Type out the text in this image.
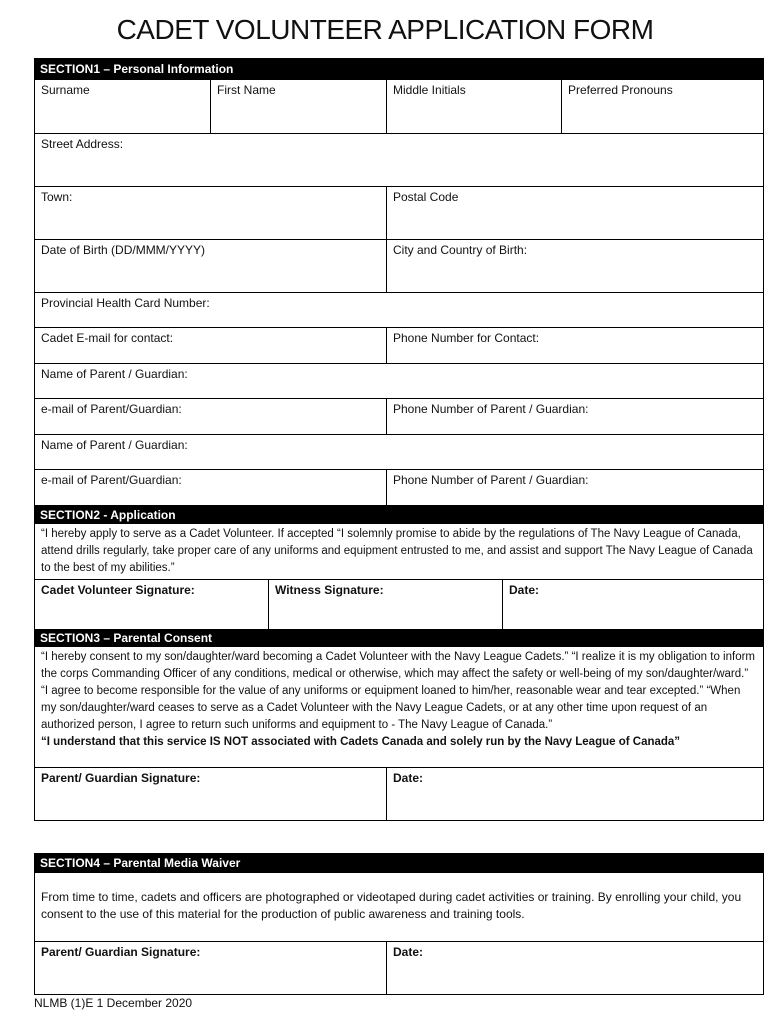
CADET VOLUNTEER APPLICATION FORM
SECTION1 – Personal Information
Surname	First Name	Middle Initials	Preferred Pronouns
Street Address:
Town:	Postal Code
Date of Birth (DD/MMM/YYYY)	City and Country of Birth:
Provincial Health Card Number:
Cadet E-mail for contact:	Phone Number for Contact:
Name of Parent / Guardian:
e-mail of Parent/Guardian:	Phone Number of Parent / Guardian:
Name of Parent / Guardian:
e-mail of Parent/Guardian:	Phone Number of Parent / Guardian:
SECTION2 - Application
“I hereby apply to serve as a Cadet Volunteer. If accepted “I solemnly promise to abide by the regulations of The Navy League of Canada, attend drills regularly, take proper care of any uniforms and equipment entrusted to me, and assist and support The Navy League of Canada to the best of my abilities.”
Cadet Volunteer Signature:	Witness Signature:	Date:
SECTION3 – Parental Consent
“I hereby consent to my son/daughter/ward becoming a Cadet Volunteer with the Navy League Cadets.” “I realize it is my obligation to inform the corps Commanding Officer of any conditions, medical or otherwise, which may affect the safety or well-being of my son/daughter/ward.” “I agree to become responsible for the value of any uniforms or equipment loaned to him/her, reasonable wear and tear excepted.” “When my son/daughter/ward ceases to serve as a Cadet Volunteer with the Navy League Cadets, or at any other time upon request of an authorized person, I agree to return such uniforms and equipment to - The Navy League of Canada.”
“I understand that this service IS NOT associated with Cadets Canada and solely run by the Navy League of Canada”
Parent/ Guardian Signature:	Date:
SECTION4 – Parental Media Waiver
From time to time, cadets and officers are photographed or videotaped during cadet activities or training. By enrolling your child, you consent to the use of this material for the production of public awareness and training tools.
Parent/ Guardian Signature:	Date:
NLMB (1)E 1 December 2020
